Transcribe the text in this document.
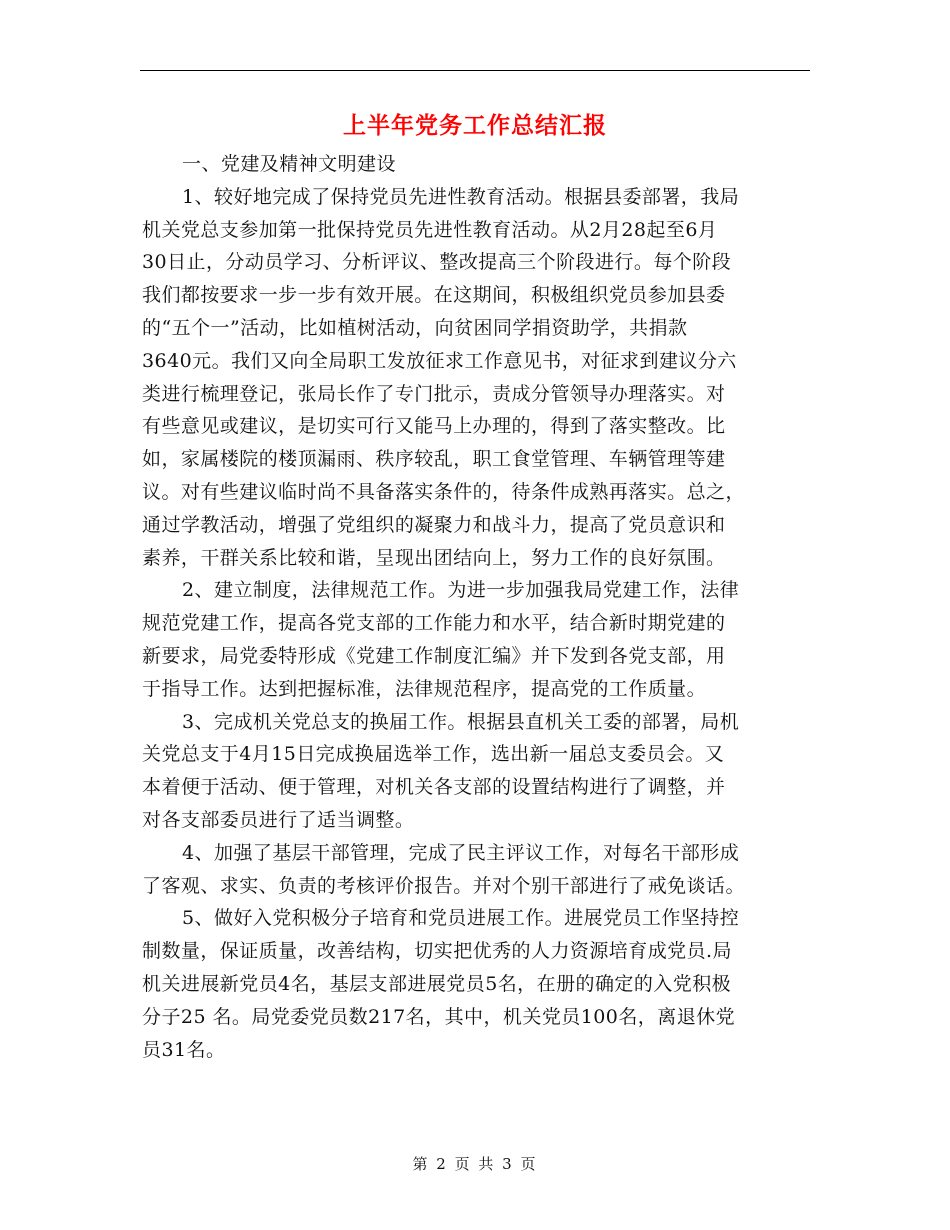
上半年党务工作总结汇报
一、党建及精神文明建设
1、较好地完成了保持党员先进性教育活动。根据县委部署，我局
机关党总支参加第一批保持党员先进性教育活动。从2月28起至6月
30日止，分动员学习、分析评议、整改提高三个阶段进行。每个阶段
我们都按要求一步一步有效开展。在这期间，积极组织党员参加县委
的“五个一”活动，比如植树活动，向贫困同学捐资助学，共捐款
3640元。我们又向全局职工发放征求工作意见书，对征求到建议分六
类进行梳理登记，张局长作了专门批示，责成分管领导办理落实。对
有些意见或建议，是切实可行又能马上办理的，得到了落实整改。比
如，家属楼院的楼顶漏雨、秩序较乱，职工食堂管理、车辆管理等建
议。对有些建议临时尚不具备落实条件的，待条件成熟再落实。总之，
通过学教活动，增强了党组织的凝聚力和战斗力，提高了党员意识和
素养，干群关系比较和谐，呈现出团结向上，努力工作的良好氛围。
2、建立制度，法律规范工作。为进一步加强我局党建工作，法律
规范党建工作，提高各党支部的工作能力和水平，结合新时期党建的
新要求，局党委特形成《党建工作制度汇编》并下发到各党支部，用
于指导工作。达到把握标准，法律规范程序，提高党的工作质量。
3、完成机关党总支的换届工作。根据县直机关工委的部署，局机
关党总支于4月15日完成换届选举工作，选出新一届总支委员会。又
本着便于活动、便于管理，对机关各支部的设置结构进行了调整，并
对各支部委员进行了适当调整。
4、加强了基层干部管理，完成了民主评议工作，对每名干部形成
了客观、求实、负责的考核评价报告。并对个别干部进行了戒免谈话。
5、做好入党积极分子培育和党员进展工作。进展党员工作坚持控
制数量，保证质量，改善结构，切实把优秀的人力资源培育成党员.局
机关进展新党员4名，基层支部进展党员5名，在册的确定的入党积极
分子25 名。局党委党员数217名，其中，机关党员100名，离退休党
员31名。
第 2 页 共 3 页
